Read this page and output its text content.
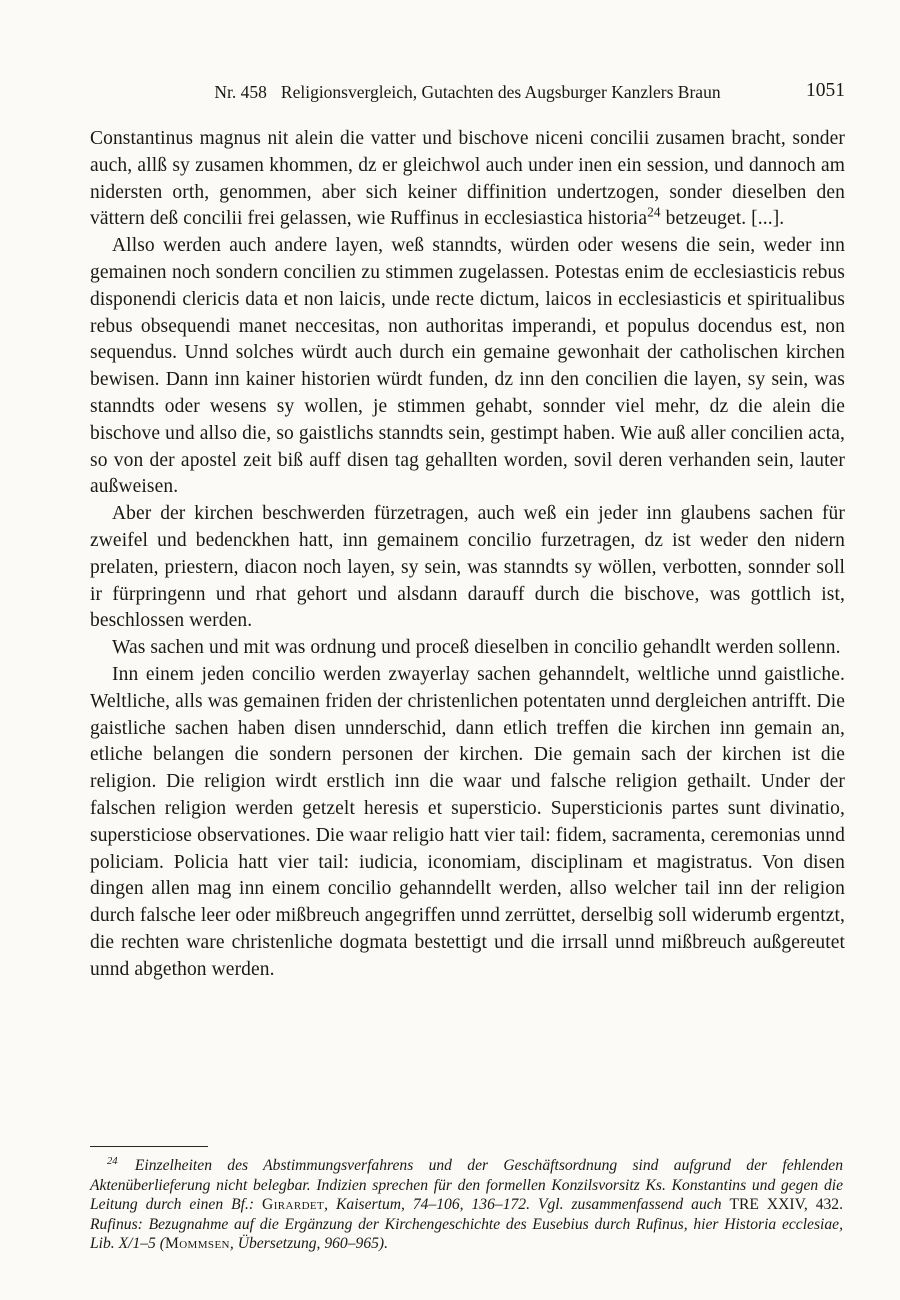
Nr. 458 Religionsvergleich, Gutachten des Augsburger Kanzlers Braun	1051

Constantinus magnus nit alein die vatter und bischove niceni concilii zusamen bracht, sonder auch, allß sy zusamen khommen, dz er gleichwol auch under inen ein session, und dannoch am nidersten orth, genommen, aber sich keiner diffinition undertzogen, sonder dieselben den vättern deß concilii frei gelassen, wie Ruffinus in ecclesiastica historia$^{24}$ betzeuget. [...].

Allso werden auch andere layen, weß stanndts, würden oder wesens die sein, weder inn gemainen noch sondern concilien zu stimmen zugelassen. Potestas enim de ecclesiasticis rebus disponendi clericis data et non laicis, unde recte dictum, laicos in ecclesiasticis et spiritualibus rebus obsequendi manet neccesitas, non authoritas imperandi, et populus docendus est, non sequendus. Unnd solches würdt auch durch ein gemaine gewonhait der catholischen kirchen bewisen. Dann inn kainer historien würdt funden, dz inn den concilien die layen, sy sein, was stanndts oder wesens sy wollen, je stimmen gehabt, sonnder viel mehr, dz die alein die bischove und allso die, so gaistlichs stanndts sein, gestimpt haben. Wie auß aller concilien acta, so von der apostel zeit biß auff disen tag gehallten worden, sovil deren verhanden sein, lauter außweisen.

Aber der kirchen beschwerden fürzetragen, auch weß ein jeder inn glaubens sachen für zweifel und bedenckhen hatt, inn gemainem concilio furzetragen, dz ist weder den nidern prelaten, priestern, diacon noch layen, sy sein, was stanndts sy wöllen, verbotten, sonnder soll ir fürpringenn und rhat gehort und alsdann darauff durch die bischove, was gottlich ist, beschlossen werden.

Was sachen und mit was ordnung und proceß dieselben in concilio gehandlt werden sollenn.

Inn einem jeden concilio werden zwayerlay sachen gehanndelt, weltliche unnd gaistliche. Weltliche, alls was gemainen friden der christenlichen potentaten unnd dergleichen antrifft. Die gaistliche sachen haben disen unnderschid, dann etlich treffen die kirchen inn gemain an, etliche belangen die sondern personen der kirchen. Die gemain sach der kirchen ist die religion. Die religion wirdt erstlich inn die waar und falsche religion gethailt. Under der falschen religion werden getzelt heresis et supersticio. Supersticionis partes sunt divinatio, supersticiose observationes. Die waar religio hatt vier tail: fidem, sacramenta, ceremonias unnd policiam. Policia hatt vier tail: iudicia, iconomiam, disciplinam et magistratus. Von disen dingen allen mag inn einem concilio gehanndellt werden, allso welcher tail inn der religion durch falsche leer oder mißbreuch angegriffen unnd zerrüttet, derselbig soll widerumb ergentzt, die rechten ware christenliche dogmata bestettigt und die irrsall unnd mißbreuch außgereutet unnd abgethon werden.

$^{24}$ Einzelheiten des Abstimmungsverfahrens und der Geschäftsordnung sind aufgrund der fehlenden Aktenüberlieferung nicht belegbar. Indizien sprechen für den formellen Konzilsvorsitz Ks. Konstantins und gegen die Leitung durch einen Bf.: Girardet, Kaisertum, 74–106, 136–172. Vgl. zusammenfassend auch TRE XXIV, 432. Rufinus: Bezugnahme auf die Ergänzung der Kirchengeschichte des Eusebius durch Rufinus, hier Historia ecclesiae, Lib. X/1–5 (Mommsen, Übersetzung, 960–965).
